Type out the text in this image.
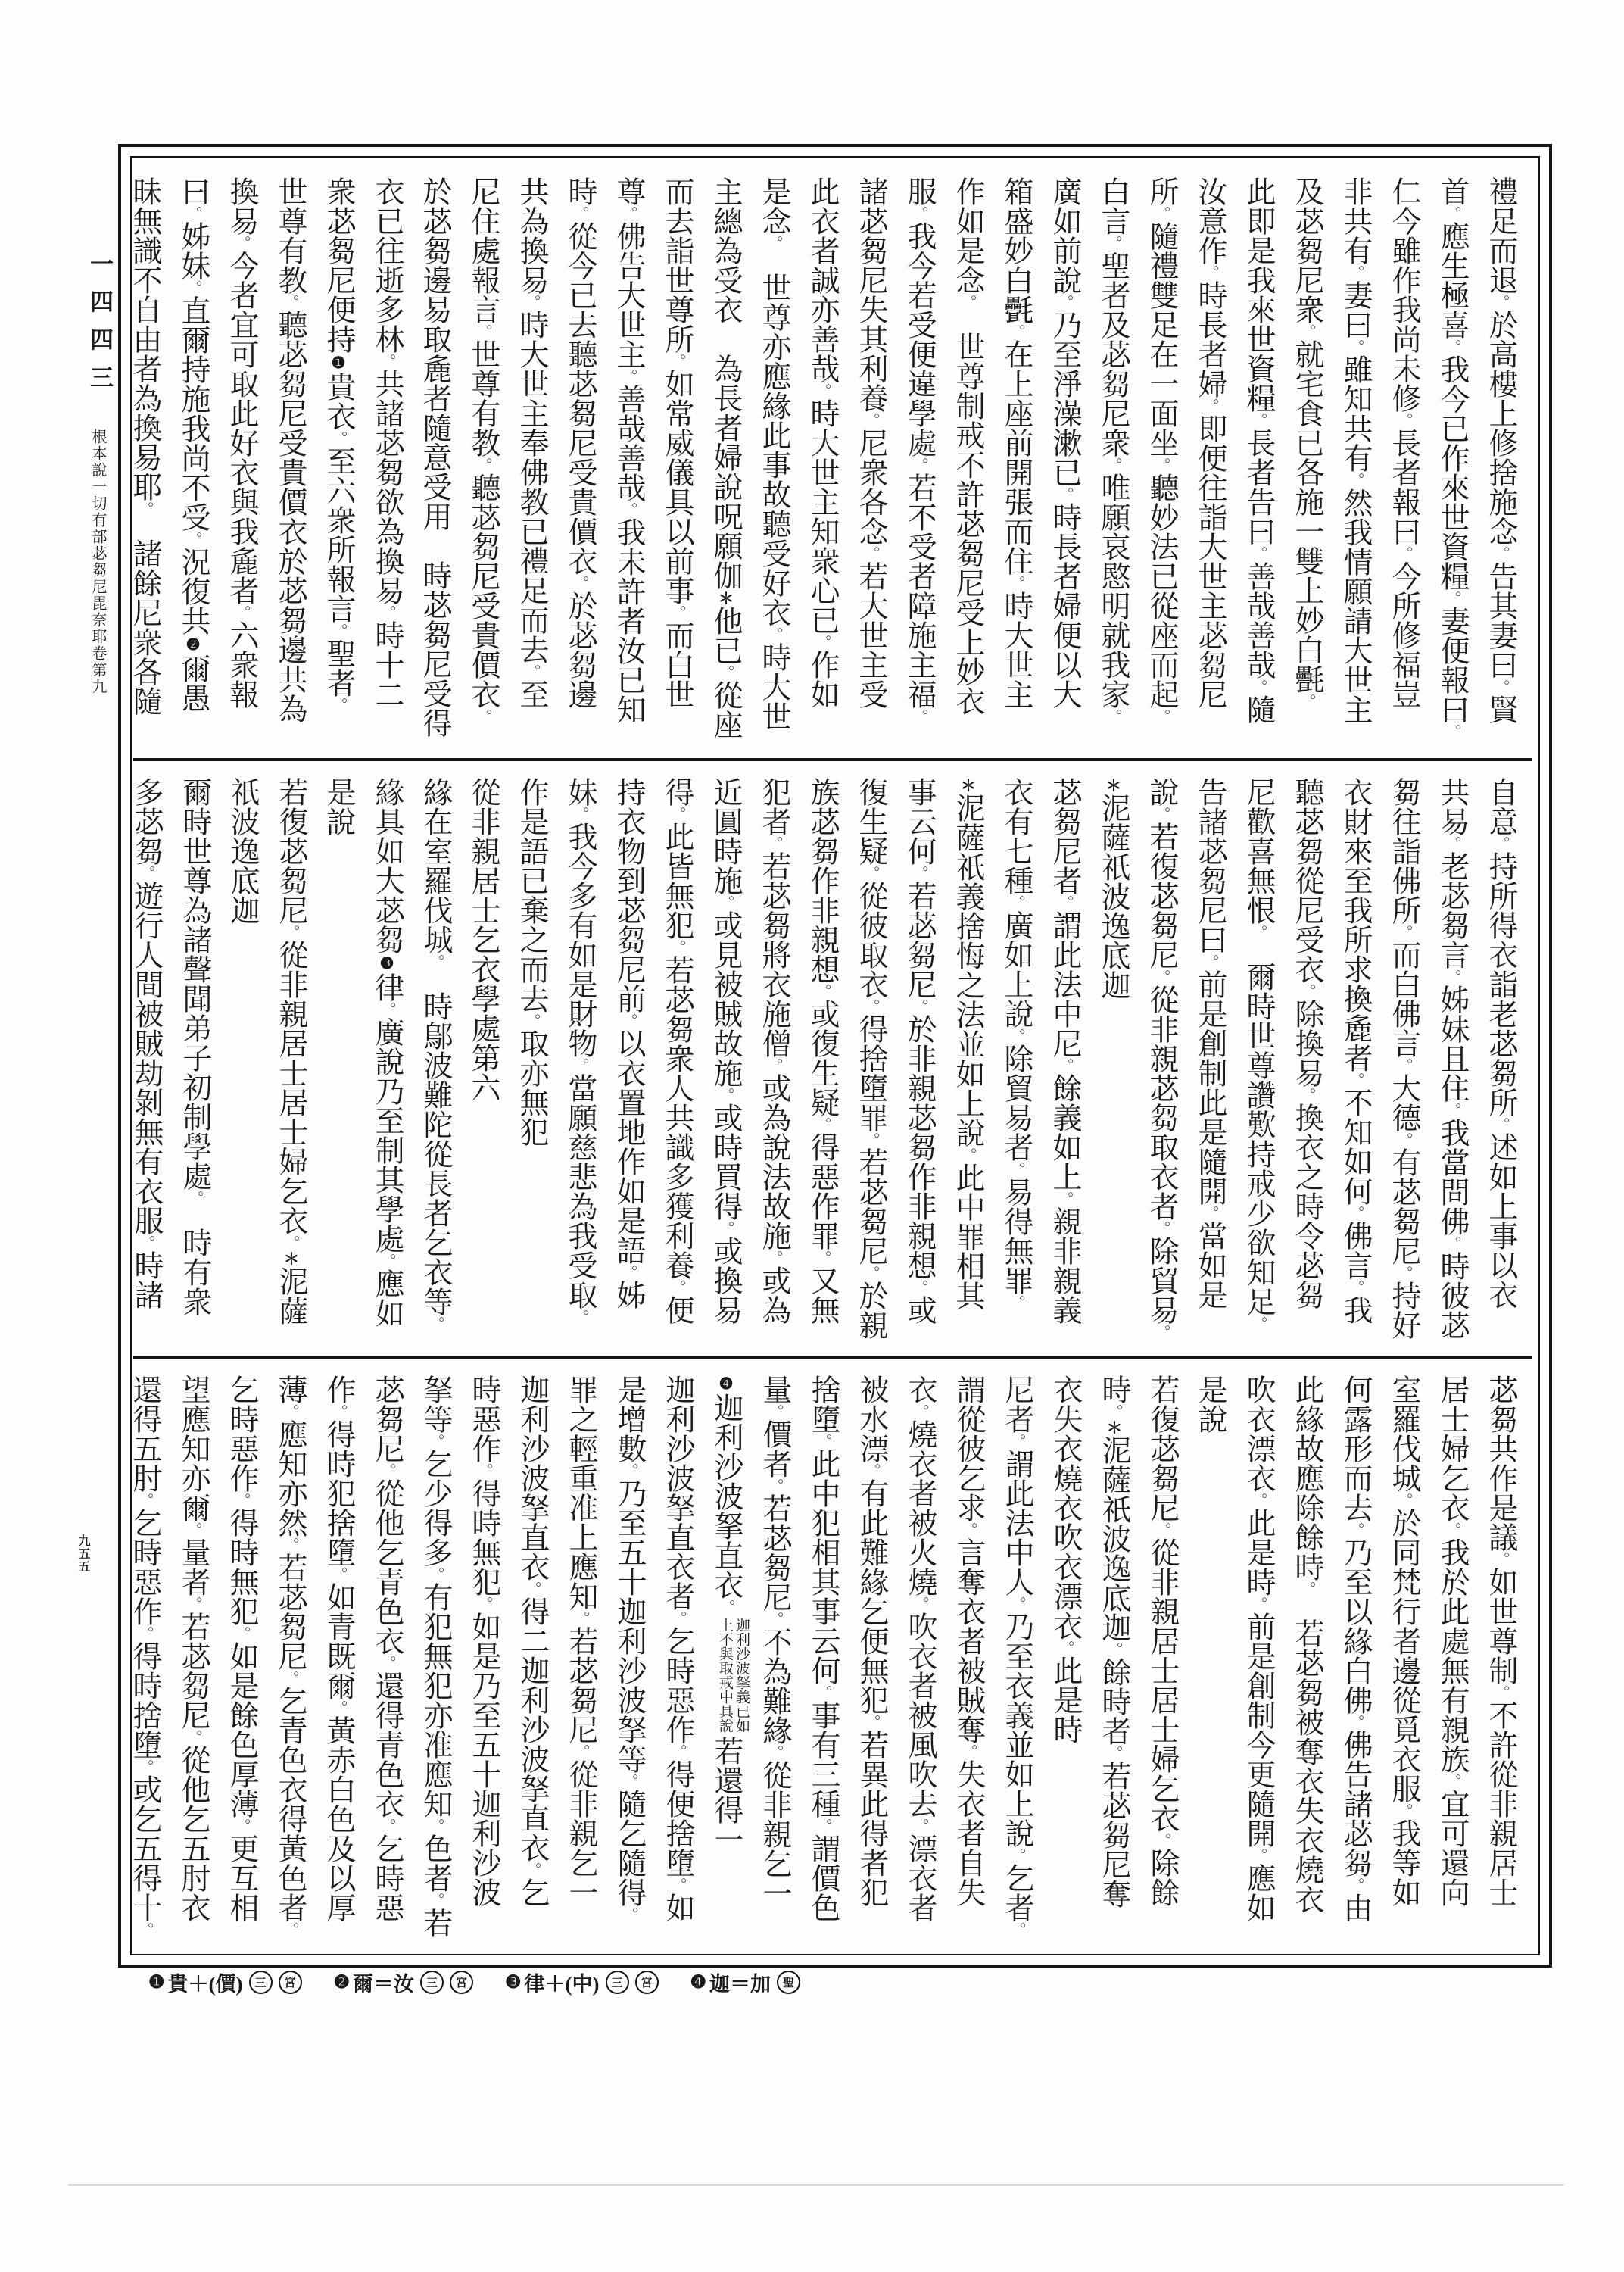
一四四三
根本說一切有部苾芻尼毘奈耶卷第九
九五五
禮足而退。於高樓上修捨施念。告其妻曰。賢
首。應生極喜。我今已作來世資糧。妻便報曰。
仁今雖作我尚未修。長者報曰。今所修福豈
非共有。妻曰。雖知共有。然我情願請大世主
及苾芻尼衆。就宅食已各施一雙上妙白㲲。
此即是我來世資糧。長者告曰。善哉善哉。隨
汝意作。時長者婦。即便往詣大世主苾芻尼
所。隨禮雙足在一面坐。聽妙法已從座而起。
白言。聖者及苾芻尼衆。唯願哀愍明就我家。
廣如前說。乃至淨澡漱已。時長者婦便以大
箱盛妙白㲲。在上座前開張而住。時大世主
作如是念。　世尊制戒不許苾芻尼受上妙衣
服。我今若受便違學處。若不受者障施主福。
諸苾芻尼失其利養。尼衆各念。若大世主受
此衣者誠亦善哉。時大世主知衆心已。作如
是念。　世尊亦應緣此事故聽受好衣。時大世
主總為受衣　為長者婦說呪願伽＊他已。從座
而去詣世尊所。如常威儀具以前事。而白世
尊。佛告大世主。善哉善哉。我未許者汝已知
時。從今已去聽苾芻尼受貴價衣。於苾芻邊
共為換易。時大世主奉佛教已禮足而去。至
尼住處報言。世尊有教。聽苾芻尼受貴價衣。
於苾芻邊易取麁者隨意受用　時苾芻尼受得
衣已往逝多林。共諸苾芻欲為換易。時十二
衆苾芻尼便持❶貴衣。至六衆所報言。聖者。
世尊有教。聽苾芻尼受貴價衣於苾芻邊共為
換易。今者宜可取此好衣與我麁者。六衆報
曰。姊妹。直爾持施我尚不受。況復共❷爾愚
昧無識不自由者為換易耶。　諸餘尼衆各隨
自意。持所得衣詣老苾芻所。述如上事以衣
共易。老苾芻言。姊妹且住。我當問佛。時彼苾
芻往詣佛所。而白佛言。大德。有苾芻尼。持好
衣財來至我所求換麁者。不知如何。佛言。我
聽苾芻從尼受衣。除換易。換衣之時令苾芻
尼歡喜無恨。　爾時世尊讚歎持戒少欲知足。
告諸苾芻尼曰。前是創制此是隨開。當如是
說。若復苾芻尼。從非親苾芻取衣者。除貿易。
＊泥薩祇波逸底迦
苾芻尼者。謂此法中尼。餘義如上。親非親義
衣有七種。廣如上說。除貿易者。易得無罪。
＊泥薩祇義捨悔之法並如上說。此中罪相其
事云何。若苾芻尼。於非親苾芻作非親想。或
復生疑。從彼取衣。得捨墮罪。若苾芻尼。於親
族苾芻作非親想。或復生疑。得惡作罪。又無
犯者。若苾芻將衣施僧。或為說法故施。或為
近圓時施。或見被賊故施。或時買得。或換易
得。此皆無犯。若苾芻衆人共識多獲利養。便
持衣物到苾芻尼前。以衣置地作如是語。姊
妹。我今多有如是財物。當願慈悲為我受取。
作是語已棄之而去。取亦無犯
從非親居士乞衣學處第六
緣在室羅伐城。　時鄔波難陀從長者乞衣等。
緣具如大苾芻❸律。廣說乃至制其學處。應如
是說
若復苾芻尼。從非親居士居士婦乞衣。＊泥薩
祇波逸底迦
爾時世尊為諸聲聞弟子初制學處。　時有衆
多苾芻。遊行人間被賊劫剝無有衣服。時諸
苾芻共作是議。如世尊制。不許從非親居士
居士婦乞衣。我於此處無有親族。宜可還向
室羅伐城。於同梵行者邊從覓衣服。我等如
何露形而去。乃至以緣白佛。佛告諸苾芻。由
此緣故應除餘時。　若苾芻被奪衣失衣燒衣
吹衣漂衣。此是時。前是創制今更隨開。應如
是說
若復苾芻尼。從非親居士居士婦乞衣。除餘
時。＊泥薩祇波逸底迦。餘時者。若苾芻尼奪
衣失衣燒衣吹衣漂衣。此是時
尼者。謂此法中人。乃至衣義並如上說。乞者。
謂從彼乞求。言奪衣者被賊奪。失衣者自失
衣。燒衣者被火燒。吹衣者被風吹去。漂衣者
被水漂。有此難緣乞便無犯。若異此得者犯
捨墮。此中犯相其事云何。事有三種。謂價色
量。價者。若苾芻尼。不為難緣。從非親乞一
❹迦利沙波拏直衣。
迦利沙波拏義已如
上不與取戒中具說
若還得一
迦利沙波拏直衣者。乞時惡作。得便捨墮。如
是增數。乃至五十迦利沙波拏等。隨乞隨得。
罪之輕重准上應知。若苾芻尼。從非親乞一
迦利沙波拏直衣。得二迦利沙波拏直衣。乞
時惡作。得時無犯。如是乃至五十迦利沙波
拏等。乞少得多。有犯無犯亦准應知。色者。若
苾芻尼。從他乞青色衣。還得青色衣。乞時惡
作。得時犯捨墮。如青既爾。黃赤白色及以厚
薄。應知亦然。若苾芻尼。乞青色衣得黃色者。
乞時惡作。得時無犯。如是餘色厚薄。更互相
望應知亦爾。量者。若苾芻尼。從他乞五肘衣
還得五肘。乞時惡作。得時捨墮。或乞五得十。
❶ 貴＋(價)	三	宮	❷ 爾＝汝	三	宮	❸ 律＋(中)	三	宮	❹ 迦＝加	聖
